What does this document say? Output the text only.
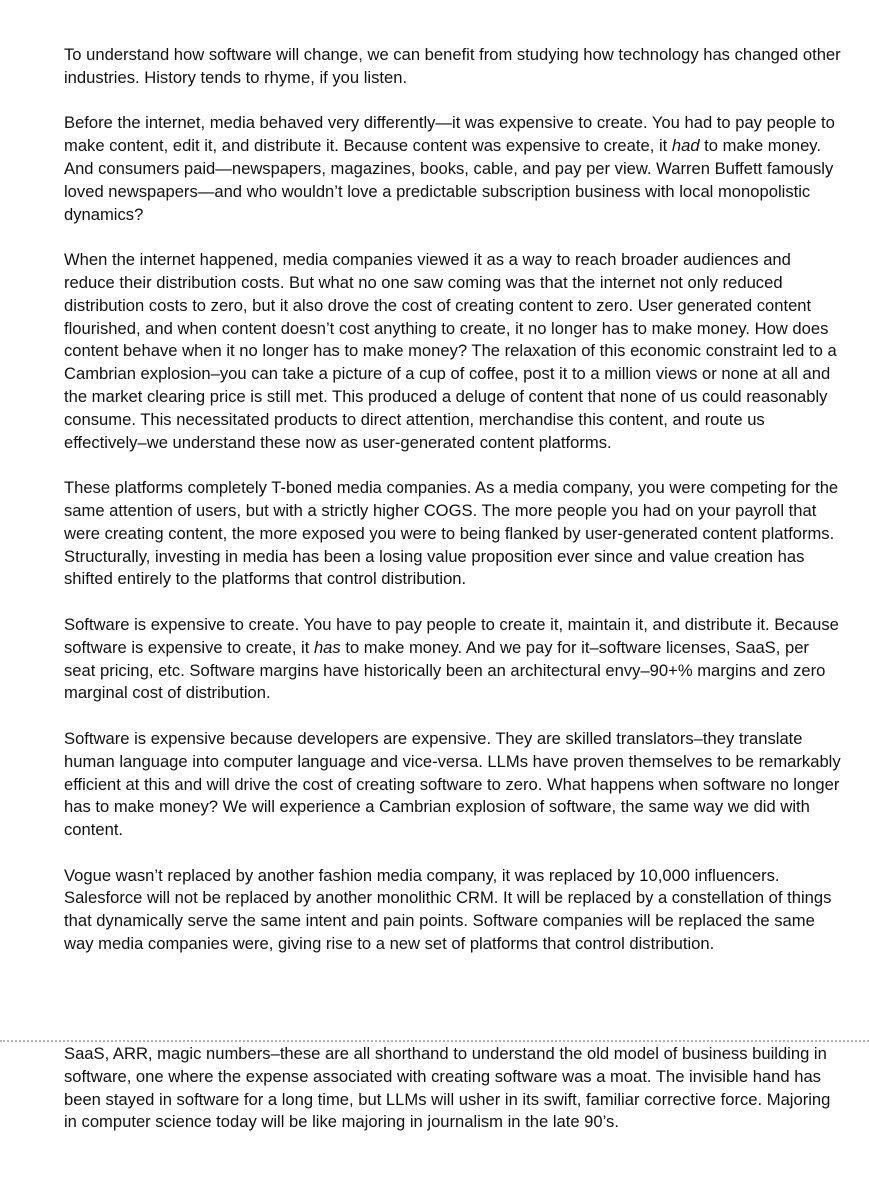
To understand how software will change, we can benefit from studying how technology has changed other industries. History tends to rhyme, if you listen.

Before the internet, media behaved very differently—it was expensive to create. You had to pay people to make content, edit it, and distribute it. Because content was expensive to create, it had to make money. And consumers paid—newspapers, magazines, books, cable, and pay per view. Warren Buffett famously loved newspapers—and who wouldn’t love a predictable subscription business with local monopolistic dynamics?

When the internet happened, media companies viewed it as a way to reach broader audiences and reduce their distribution costs. But what no one saw coming was that the internet not only reduced distribution costs to zero, but it also drove the cost of creating content to zero. User generated content flourished, and when content doesn’t cost anything to create, it no longer has to make money. How does content behave when it no longer has to make money? The relaxation of this economic constraint led to a Cambrian explosion–you can take a picture of a cup of coffee, post it to a million views or none at all and the market clearing price is still met. This produced a deluge of content that none of us could reasonably consume. This necessitated products to direct attention, merchandise this content, and route us effectively–we understand these now as user-generated content platforms.

These platforms completely T-boned media companies. As a media company, you were competing for the same attention of users, but with a strictly higher COGS. The more people you had on your payroll that were creating content, the more exposed you were to being flanked by user-generated content platforms. Structurally, investing in media has been a losing value proposition ever since and value creation has shifted entirely to the platforms that control distribution.

Software is expensive to create. You have to pay people to create it, maintain it, and distribute it. Because software is expensive to create, it has to make money. And we pay for it–software licenses, SaaS, per seat pricing, etc. Software margins have historically been an architectural envy–90+% margins and zero marginal cost of distribution.

Software is expensive because developers are expensive. They are skilled translators–they translate human language into computer language and vice-versa. LLMs have proven themselves to be remarkably efficient at this and will drive the cost of creating software to zero. What happens when software no longer has to make money? We will experience a Cambrian explosion of software, the same way we did with content.

Vogue wasn’t replaced by another fashion media company, it was replaced by 10,000 influencers. Salesforce will not be replaced by another monolithic CRM. It will be replaced by a constellation of things that dynamically serve the same intent and pain points. Software companies will be replaced the same way media companies were, giving rise to a new set of platforms that control distribution.

SaaS, ARR, magic numbers–these are all shorthand to understand the old model of business building in software, one where the expense associated with creating software was a moat. The invisible hand has been stayed in software for a long time, but LLMs will usher in its swift, familiar corrective force. Majoring in computer science today will be like majoring in journalism in the late 90’s.
